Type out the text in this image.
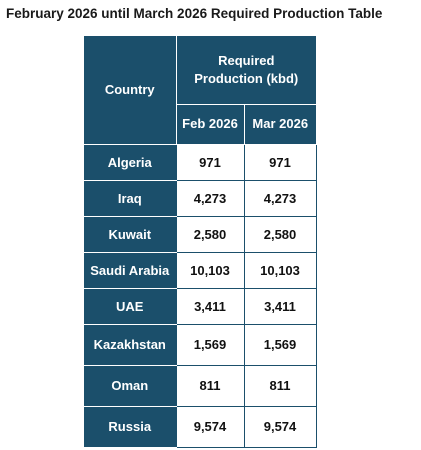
February 2026 until March 2026 Required Production Table
Country	Required Production (kbd)	
	Feb 2026	Mar 2026
Algeria	971	971
Iraq	4,273	4,273
Kuwait	2,580	2,580
Saudi Arabia	10,103	10,103
UAE	3,411	3,411
Kazakhstan	1,569	1,569
Oman	811	811
Russia	9,574	9,574
